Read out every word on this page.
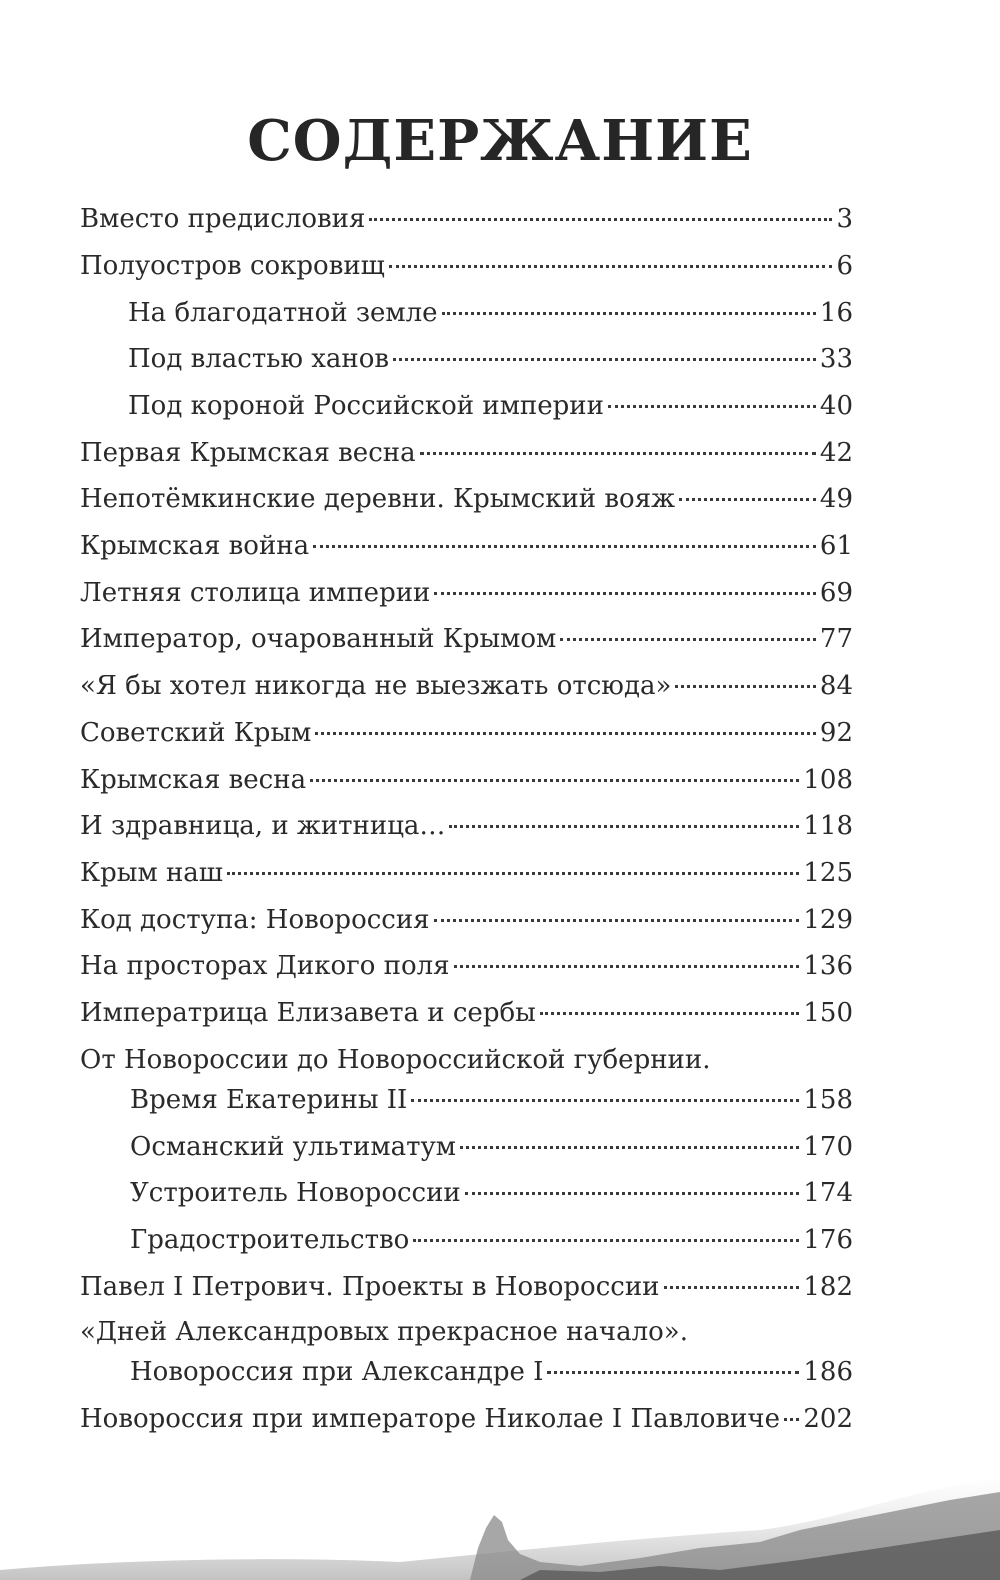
СОДЕРЖАНИЕ
Вместо предисловия	3
Полуостров сокровищ	6
На благодатной земле	16
Под властью ханов	33
Под короной Российской империи	40
Первая Крымская весна	42
Непотёмкинские деревни. Крымский вояж	49
Крымская война	61
Летняя столица империи	69
Император, очарованный Крымом	77
«Я бы хотел никогда не выезжать отсюда»	84
Советский Крым	92
Крымская весна	108
И здравница, и житница…	118
Крым наш	125
Код доступа: Новороссия	129
На просторах Дикого поля	136
Императрица Елизавета и сербы	150
От Новороссии до Новороссийской губернии.
Время Екатерины II	158
Османский ультиматум	170
Устроитель Новороссии	174
Градостроительство	176
Павел I Петрович. Проекты в Новороссии	182
«Дней Александровых прекрасное начало».
Новороссия при Александре I	186
Новороссия при императоре Николае I Павловиче 202
